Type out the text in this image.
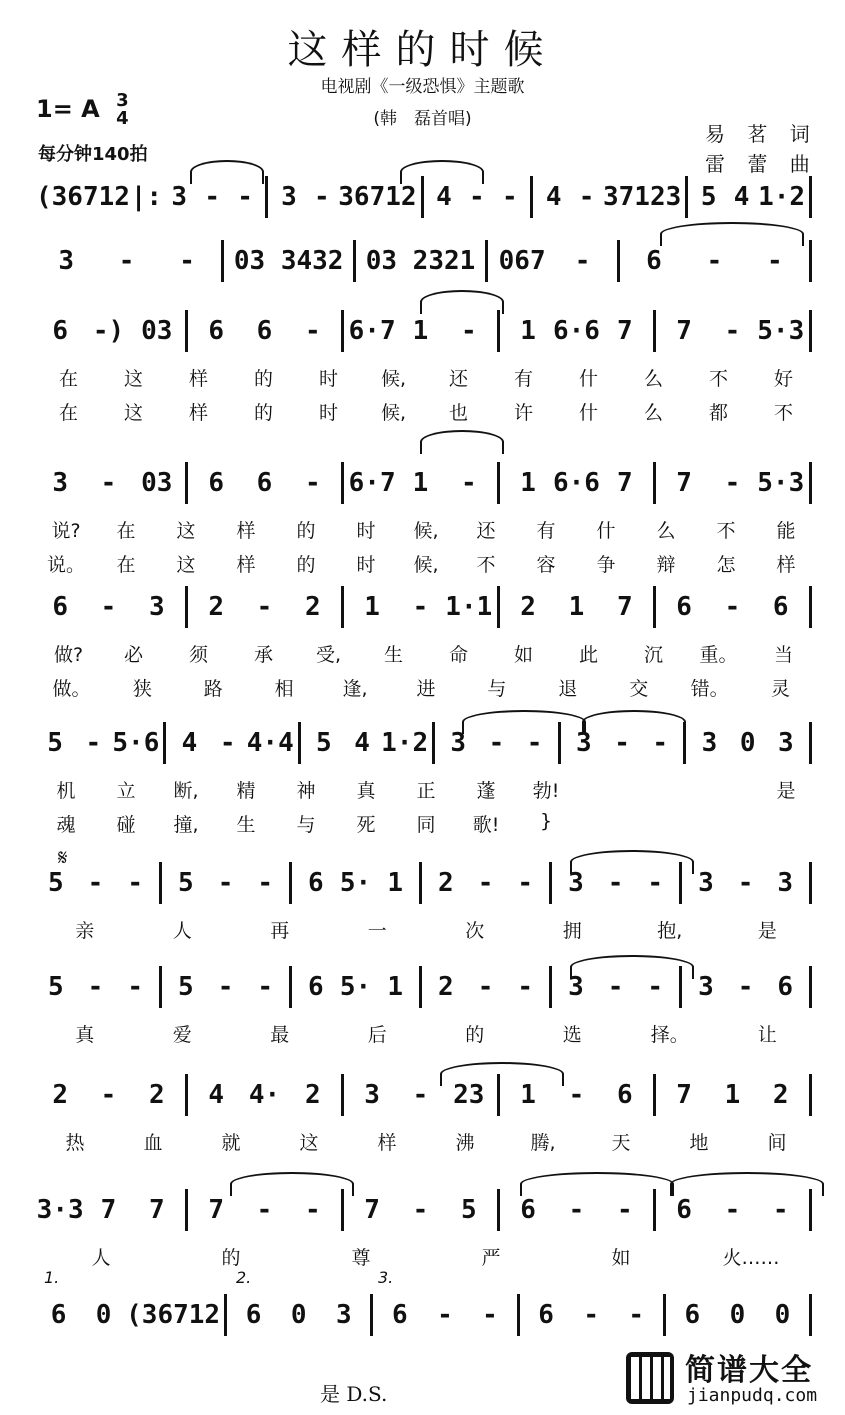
这样的时候
电视剧《一级恐惧》主题歌
(韩　磊首唱)
1= A 3
4
每分钟140拍
易 茗 词
雷 蕾 曲
(36712 |: 3 - -	3 - 36712 4 - -	4 - 37123 5 4 1·2
3	-	-	03 3432 03 2321 067	-	6	-	-
6 -) 03	6	6	-	6·7 1	-	1 6·6 7	7	- 5·3
3	- 03	6	6	-	6·7 1	-	1 6·6 7	7	- 5·3
6	-	3	2	-	2	1	- 1·1	2	1	7	6	-	6
5 - 5·6 4 - 4·4 5 4 1·2 3 - -	3 - -	3 0 3
5 - -	5 - -	6 5· 1	2 - -	3 - -	3 - 3
5 - -	5 - -	6 5· 1	2 - -	3 - -	3 - 6
2	-	2	4 4· 2	3	- 23	1	-	6	7	1	2
3·3 7	7	7	-	-	7	-	5	6	-	-	6	-	-
6	0 (36712 6	0	3	6	-	-	6	-	-	6	0	0
在	这	样	的	时	候,	还	有	什	么	不	好
在	这	样	的	时	候,	也	许	什	么	都	不
说?	在	这	样	的	时	候,	还	有	什	么	不	能
说。	在	这	样	的	时	候,	不	容	争	辩	怎	样
做?	必	须	承	受,	生	命	如	此	沉	重。	当
做。	狭	路	相	逢,	进	与	退	交	错。	灵
机	立	断,	精	神	真	正	蓬	勃!	是
魂	碰	撞,	生	与	死	同	歌!	}
亲	人	再	一	次	拥	抱,	是
真	爱	最	后	的	选	择。	让
热	血	就	这	样	沸	腾,	天	地	间
人	的	尊	严	如	火……
1.	2.	3.
𝄋
是 D.S.
简谱大全
jianpudq.com
